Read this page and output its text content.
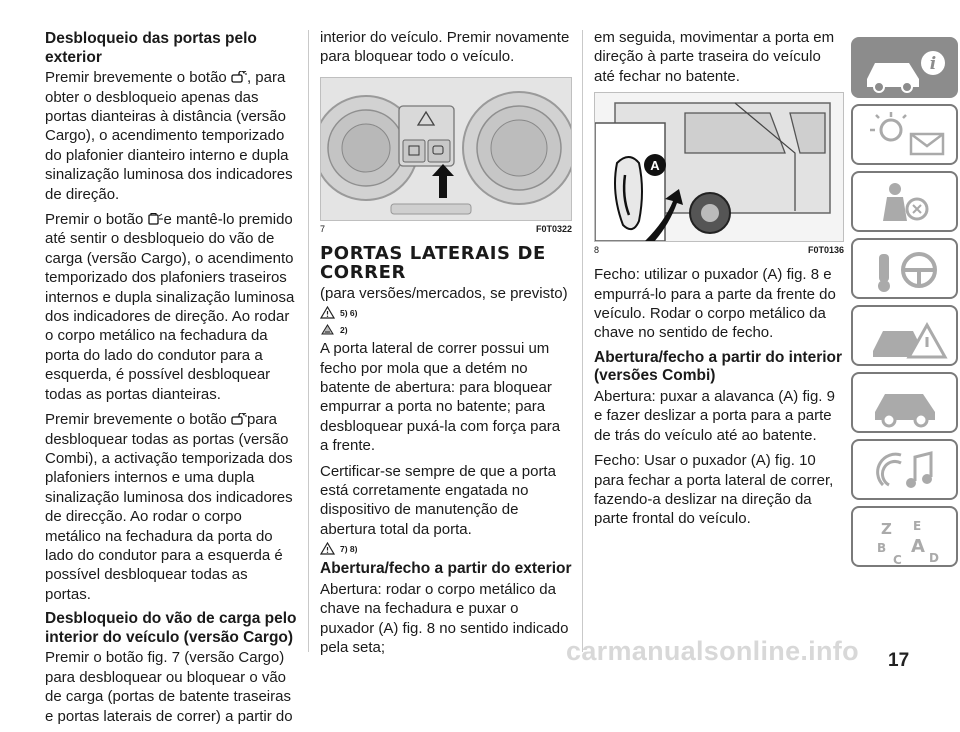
Desbloqueio das portas pelo exterior

Premir brevemente o botão , para obter o desbloqueio apenas das portas dianteiras à distância (versão Cargo), o acendimento temporizado do plafonier dianteiro interno e dupla sinalização luminosa dos indicadores de direção.

Premir o botão e mantê-lo premido até sentir o desbloqueio do vão de carga (versão Cargo), o acendimento temporizado dos plafoniers traseiros internos e dupla sinalização luminosa dos indicadores de direção. Ao rodar o corpo metálico na fechadura da porta do lado do condutor para a esquerda, é possível desbloquear todas as portas dianteiras.

Premir brevemente o botão para desbloquear todas as portas (versão Combi), a activação temporizada dos plafoniers internos e uma dupla sinalização luminosa dos indicadores de direcção. Ao rodar o corpo metálico na fechadura da porta do lado do condutor para a esquerda é possível desbloquear todas as portas.

Desbloqueio do vão de carga pelo interior do veículo (versão Cargo)

Premir o botão fig. 7 (versão Cargo) para desbloquear ou bloquear o vão de carga (portas de batente traseiras e portas laterais de correr) a partir do

interior do veículo. Premir novamente para bloquear todo o veículo.

7	F0T0322
PORTAS LATERAIS DE CORRER

(para versões/mercados, se previsto)

5) 6)
2)

A porta lateral de correr possui um fecho por mola que a detém no batente de abertura: para bloquear empurrar a porta no batente; para desbloquear puxá-la com força para a frente.

Certificar-se sempre de que a porta está corretamente engatada no dispositivo de manutenção de abertura total da porta.

7) 8)
Abertura/fecho a partir do exterior

Abertura: rodar o corpo metálico da chave na fechadura e puxar o puxador (A) fig. 8 no sentido indicado pela seta;

em seguida, movimentar a porta em direção à parte traseira do veículo até fechar no batente.

A
8	F0T0136

Fecho: utilizar o puxador (A) fig. 8 e empurrá-lo para a parte da frente do veículo. Rodar o corpo metálico da chave no sentido de fecho.

Abertura/fecho a partir do interior (versões Combi)

Abertura: puxar a alavanca (A) fig. 9 e fazer deslizar a porta para a parte de trás do veículo até ao batente.

Fecho: Usar o puxador (A) fig. 10 para fechar a porta lateral de correr, fazendo-a deslizar na direção da parte frontal do veículo.

i
Z E
B A
C D
17
carmanualsonline.info
